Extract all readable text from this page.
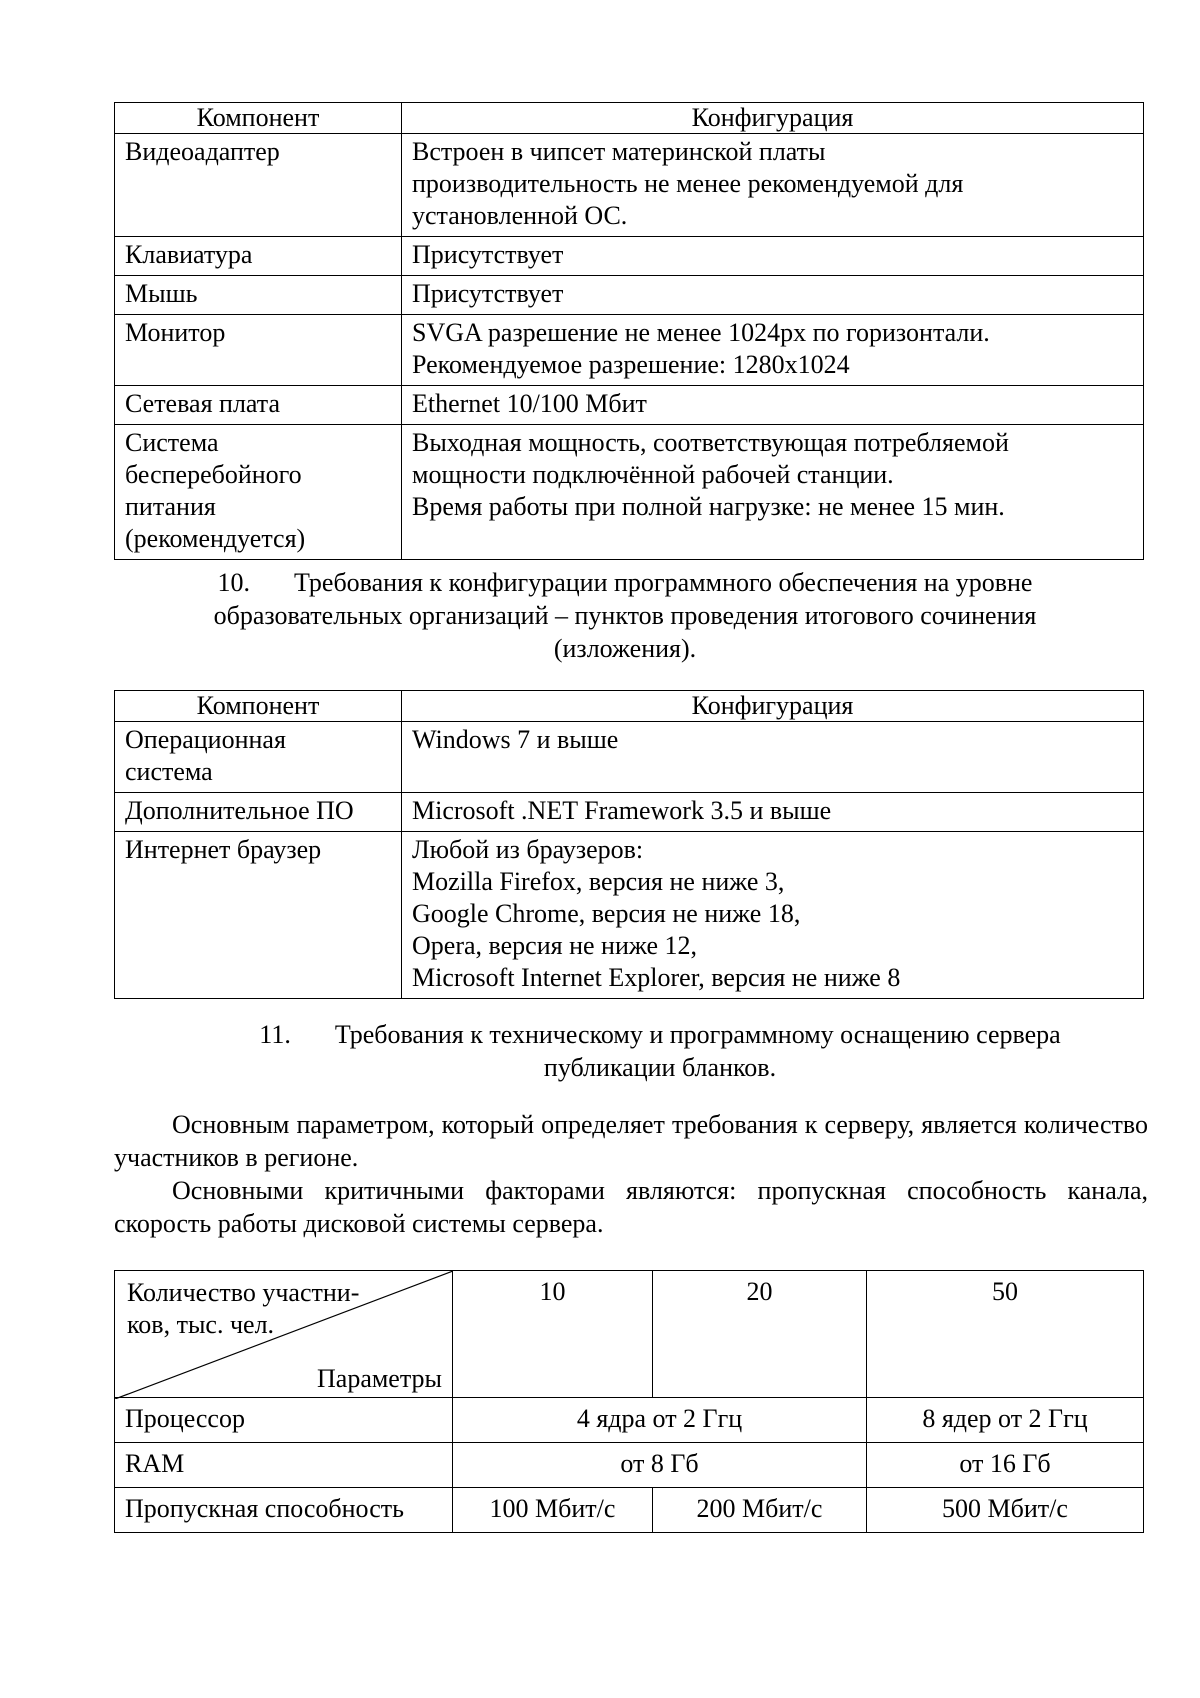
Компонент	Конфигурация

Видеоадаптер	Встроен в чипсет материнской платы
производительность не менее рекомендуемой для
установленной ОС.

Клавиатура	Присутствует

Мышь	Присутствует

Монитор	SVGA разрешение не менее 1024px по горизонтали.
Рекомендуемое разрешение: 1280x1024

Сетевая плата	Ethernet 10/100 Мбит

Система
бесперебойного
питания
(рекомендуется)	Выходная мощность, соответствующая потребляемой
мощности подключённой рабочей станции.
Время работы при полной нагрузке: не менее 15 мин.
10. Требования к конфигурации программного обеспечения на уровне
образовательных организаций – пунктов проведения итогового сочинения
(изложения).
Компонент	Конфигурация

Операционная
система	Windows 7 и выше

Дополнительное ПО	Microsoft .NET Framework 3.5 и выше

Интернет браузер	Любой из браузеров:
Mozilla Firefox, версия не ниже 3,
Google Chrome, версия не ниже 18,
Opera, версия не ниже 12,
Microsoft Internet Explorer, версия не ниже 8
11. Требования к техническому и программному оснащению сервера
публикации бланков.
Основным параметром, который определяет требования к серверу, является количество участников в регионе.
Основными критичными факторами являются: пропускная способность канала, скорость работы дисковой системы сервера.
Количество участни-
ков, тыс. чел.
Параметры	10	20	50
Процессор	4 ядра от 2 Ггц		8 ядер от 2 Ггц
RAM	от 8 Гб		от 16 Гб
Пропускная способность	100 Мбит/с	200 Мбит/с	500 Мбит/с
